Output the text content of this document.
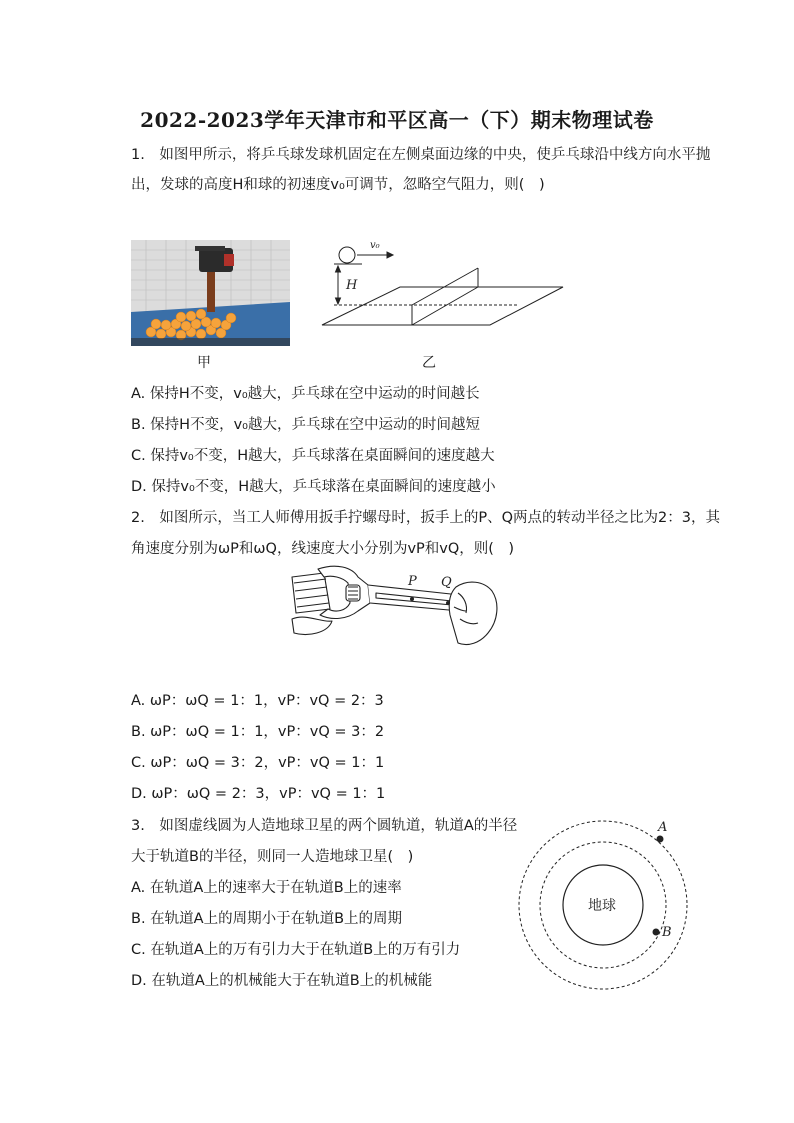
2022-2023学年天津市和平区高一（下）期末物理试卷
1.　如图甲所示，将乒乓球发球机固定在左侧桌面边缘的中央，使乒乓球沿中线方向水平抛
出，发球的高度H和球的初速度v₀可调节，忽略空气阻力，则(　)
甲
v₀
H
乙
A. 保持H不变，v₀越大，乒乓球在空中运动的时间越长
B. 保持H不变，v₀越大，乒乓球在空中运动的时间越短
C. 保持v₀不变，H越大，乒乓球落在桌面瞬间的速度越大
D. 保持v₀不变，H越大，乒乓球落在桌面瞬间的速度越小
2.　如图所示，当工人师傅用扳手拧螺母时，扳手上的P、Q两点的转动半径之比为2：3，其
角速度分别为ωP和ωQ，线速度大小分别为vP和vQ，则(　)
P Q
A. ωP：ωQ = 1：1，vP：vQ = 2：3
B. ωP：ωQ = 1：1，vP：vQ = 3：2
C. ωP：ωQ = 3：2，vP：vQ = 1：1
D. ωP：ωQ = 2：3，vP：vQ = 1：1
3.　如图虚线圆为人造地球卫星的两个圆轨道，轨道A的半径
大于轨道B的半径，则同一人造地球卫星(　)
地球
A
B
A. 在轨道A上的速率大于在轨道B上的速率
B. 在轨道A上的周期小于在轨道B上的周期
C. 在轨道A上的万有引力大于在轨道B上的万有引力
D. 在轨道A上的机械能大于在轨道B上的机械能
